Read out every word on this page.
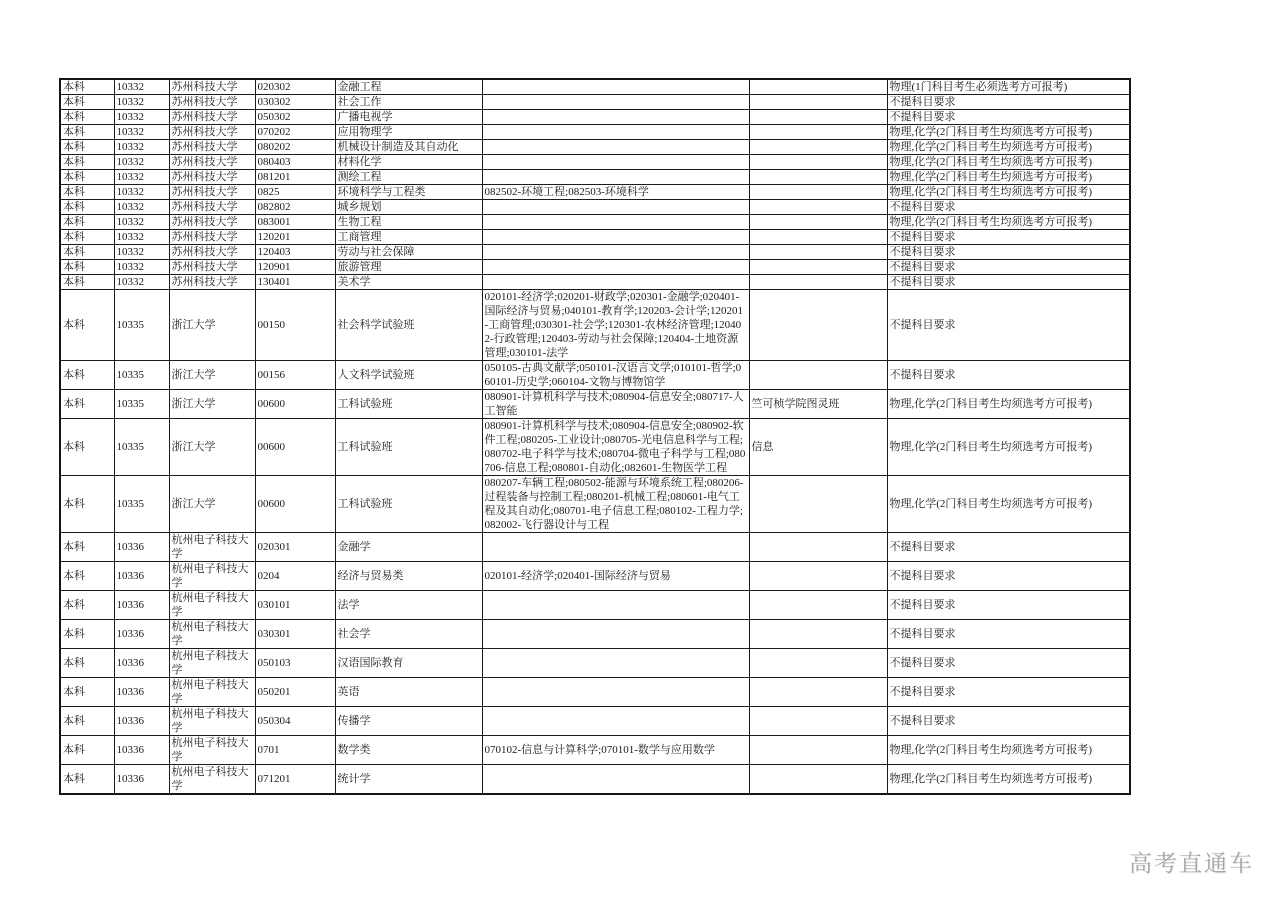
本科	10332	苏州科技大学	020302	金融工程			物理(1门科目考生必须选考方可报考)
本科	10332	苏州科技大学	030302	社会工作			不提科目要求
本科	10332	苏州科技大学	050302	广播电视学			不提科目要求
本科	10332	苏州科技大学	070202	应用物理学			物理,化学(2门科目考生均须选考方可报考)
本科	10332	苏州科技大学	080202	机械设计制造及其自动化			物理,化学(2门科目考生均须选考方可报考)
本科	10332	苏州科技大学	080403	材料化学			物理,化学(2门科目考生均须选考方可报考)
本科	10332	苏州科技大学	081201	测绘工程			物理,化学(2门科目考生均须选考方可报考)
本科	10332	苏州科技大学	0825	环境科学与工程类	082502-环境工程;082503-环境科学		物理,化学(2门科目考生均须选考方可报考)
本科	10332	苏州科技大学	082802	城乡规划			不提科目要求
本科	10332	苏州科技大学	083001	生物工程			物理,化学(2门科目考生均须选考方可报考)
本科	10332	苏州科技大学	120201	工商管理			不提科目要求
本科	10332	苏州科技大学	120403	劳动与社会保障			不提科目要求
本科	10332	苏州科技大学	120901	旅游管理			不提科目要求
本科	10332	苏州科技大学	130401	美术学			不提科目要求
本科	10335	浙江大学	00150	社会科学试验班	020101-经济学;020201-财政学;020301-金融学;020401-国际经济与贸易;040101-教育学;120203-会计学;120201-工商管理;030301-社会学;120301-农林经济管理;120402-行政管理;120403-劳动与社会保障;120404-土地资源管理;030101-法学		不提科目要求
本科	10335	浙江大学	00156	人文科学试验班	050105-古典文献学;050101-汉语言文学;010101-哲学;060101-历史学;060104-文物与博物馆学		不提科目要求
本科	10335	浙江大学	00600	工科试验班	080901-计算机科学与技术;080904-信息安全;080717-人工智能	竺可桢学院图灵班	物理,化学(2门科目考生均须选考方可报考)
本科	10335	浙江大学	00600	工科试验班	080901-计算机科学与技术;080904-信息安全;080902-软件工程;080205-工业设计;080705-光电信息科学与工程;080702-电子科学与技术;080704-微电子科学与工程;080706-信息工程;080801-自动化;082601-生物医学工程	信息	物理,化学(2门科目考生均须选考方可报考)
本科	10335	浙江大学	00600	工科试验班	080207-车辆工程;080502-能源与环境系统工程;080206-过程装备与控制工程;080201-机械工程;080601-电气工程及其自动化;080701-电子信息工程;080102-工程力学;082002-飞行器设计与工程		物理,化学(2门科目考生均须选考方可报考)
本科	10336	杭州电子科技大学	020301	金融学			不提科目要求
本科	10336	杭州电子科技大学	0204	经济与贸易类	020101-经济学;020401-国际经济与贸易		不提科目要求
本科	10336	杭州电子科技大学	030101	法学			不提科目要求
本科	10336	杭州电子科技大学	030301	社会学			不提科目要求
本科	10336	杭州电子科技大学	050103	汉语国际教育			不提科目要求
本科	10336	杭州电子科技大学	050201	英语			不提科目要求
本科	10336	杭州电子科技大学	050304	传播学			不提科目要求
本科	10336	杭州电子科技大学	0701	数学类	070102-信息与计算科学;070101-数学与应用数学		物理,化学(2门科目考生均须选考方可报考)
本科	10336	杭州电子科技大学	071201	统计学			物理,化学(2门科目考生均须选考方可报考)
高考直通车
